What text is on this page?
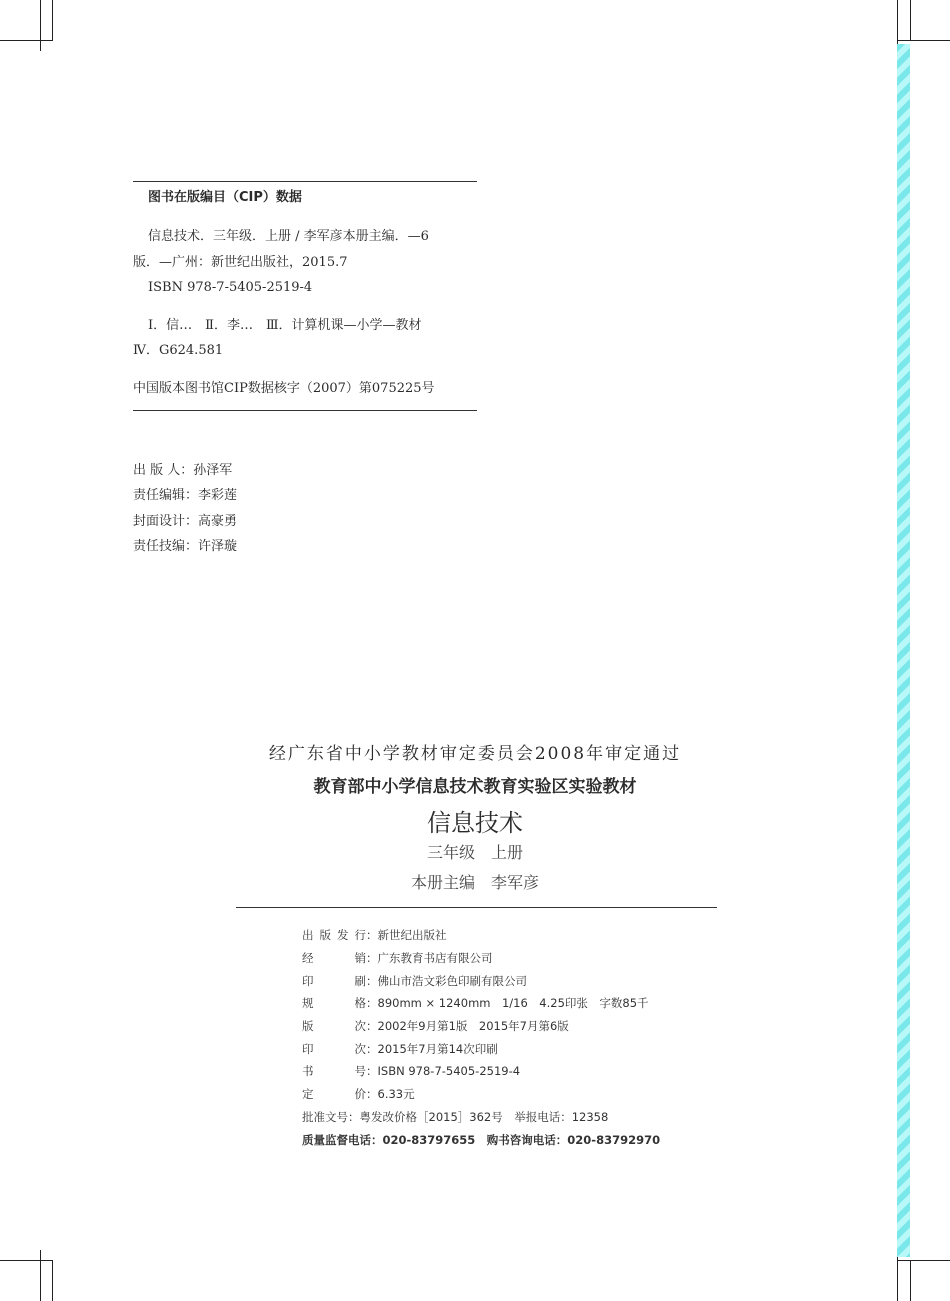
图书在版编目（CIP）数据
信息技术．三年级．上册 / 李军彦本册主编．—6
版．—广州：新世纪出版社，2015.7
ISBN 978-7-5405-2519-4
Ⅰ．信…　Ⅱ．李…　Ⅲ．计算机课—小学—教材
Ⅳ．G624.581
中国版本图书馆CIP数据核字（2007）第075225号
出 版 人：孙泽军
责任编辑：李彩莲
封面设计：高豪勇
责任技编：许泽璇
经广东省中小学教材审定委员会2008年审定通过
教育部中小学信息技术教育实验区实验教材
信息技术
三年级　上册
本册主编　李军彦
出版发行：新世纪出版社
经销：广东教育书店有限公司
印刷：佛山市浩文彩色印刷有限公司
规格：890mm × 1240mm　1/16　4.25印张　字数85千
版次：2002年9月第1版　2015年7月第6版
印次：2015年7月第14次印刷
书号：ISBN 978-7-5405-2519-4
定价：6.33元
批准文号：粤发改价格［2015］362号　举报电话：12358
质量监督电话：020-83797655　购书咨询电话：020-83792970
